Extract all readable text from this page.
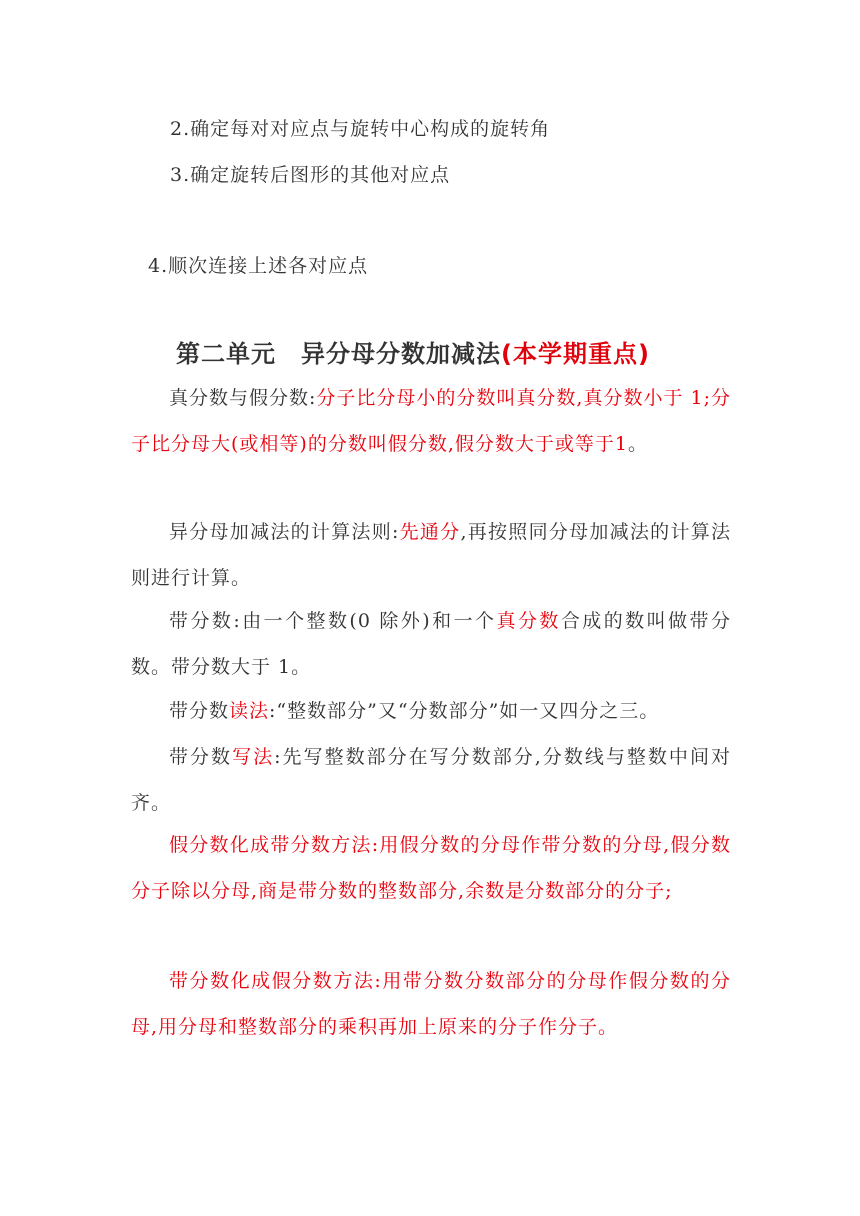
2.确定每对对应点与旋转中心构成的旋转角
3.确定旋转后图形的其他对应点
4.顺次连接上述各对应点
第二单元　异分母分数加减法(本学期重点)
真分数与假分数:分子比分母小的分数叫真分数,真分数小于 1;分子比分母大(或相等)的分数叫假分数,假分数大于或等于1。
异分母加减法的计算法则:先通分,再按照同分母加减法的计算法则进行计算。
带分数:由一个整数(0 除外)和一个真分数合成的数叫做带分数。带分数大于 1。
带分数读法:“整数部分”又“分数部分”如一又四分之三。
带分数写法:先写整数部分在写分数部分,分数线与整数中间对齐。
假分数化成带分数方法:用假分数的分母作带分数的分母,假分数分子除以分母,商是带分数的整数部分,余数是分数部分的分子;
带分数化成假分数方法:用带分数分数部分的分母作假分数的分母,用分母和整数部分的乘积再加上原来的分子作分子。
